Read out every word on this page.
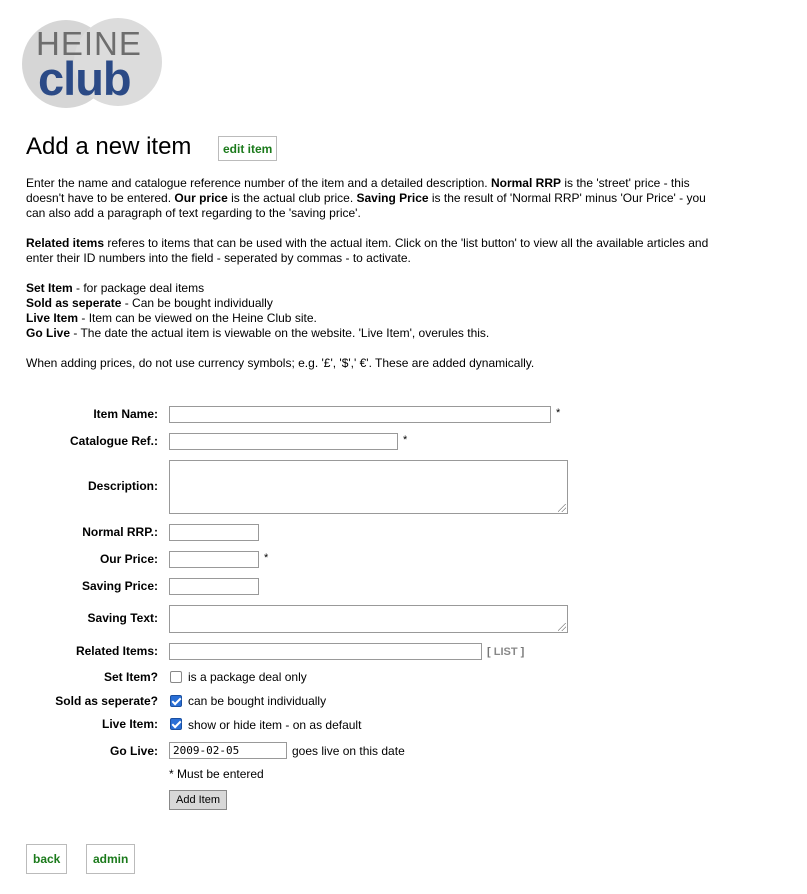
HEINE
club
Add a new item	edit item

Enter the name and catalogue reference number of the item and a detailed description. Normal RRP is the 'street' price - this doesn't have to be entered. Our price is the actual club price. Saving Price is the result of 'Normal RRP' minus 'Our Price' - you can also add a paragraph of text regarding to the 'saving price'.

Related items referes to items that can be used with the actual item. Click on the 'list button' to view all the available articles and enter their ID numbers into the field - seperated by commas - to activate.

Set Item - for package deal items
Sold as seperate - Can be bought individually
Live Item - Item can be viewed on the Heine Club site.
Go Live - The date the actual item is viewable on the website. 'Live Item', overules this.

When adding prices, do not use currency symbols; e.g. '£', '$',' €'. These are added dynamically.

Item Name:	*
Catalogue Ref.:	*
Description:
Normal RRP.:
Our Price:	*
Saving Price:
Saving Text:
Related Items:	[ LIST ]
Set Item?	is a package deal only
Sold as seperate?	can be bought individually
Live Item:	show or hide item - on as default
Go Live:
2009-02-05	goes live on this date
* Must be entered
Add Item
back	admin
